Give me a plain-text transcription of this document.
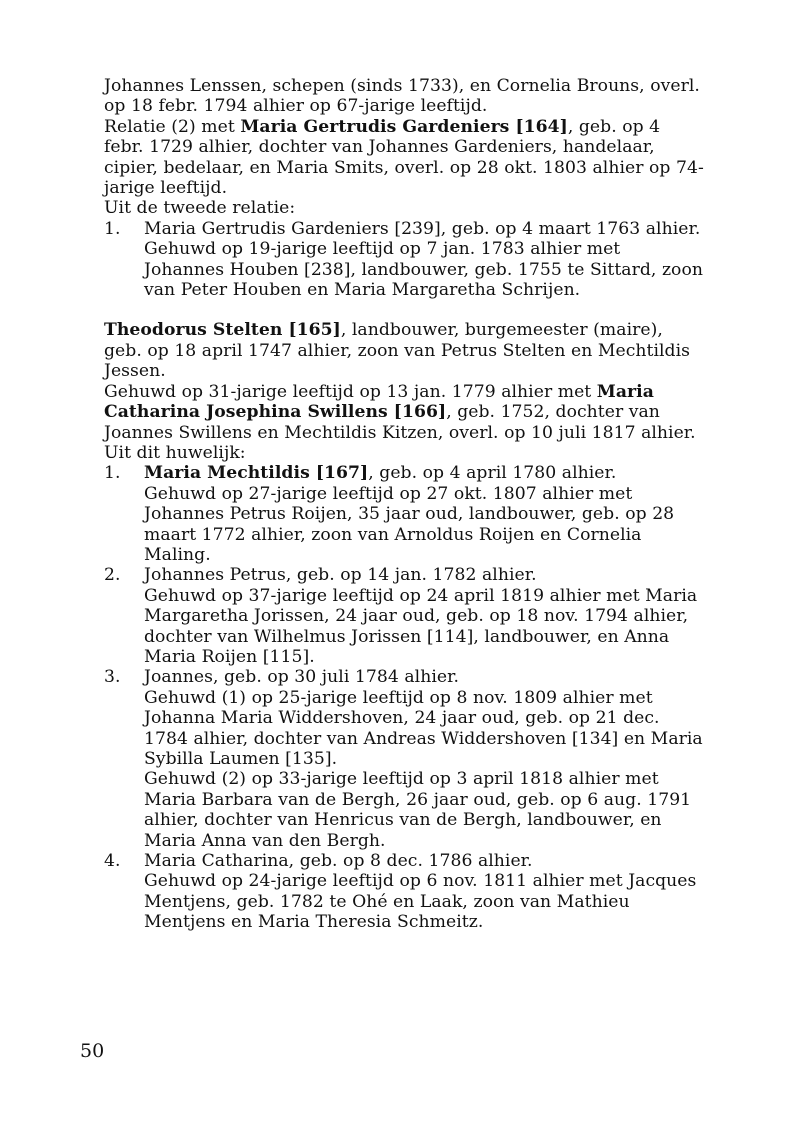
Johannes Lenssen, schepen (sinds 1733), en Cornelia Brouns, overl. op 18 febr. 1794 alhier op 67-jarige leeftijd.

Relatie (2) met Maria Gertrudis Gardeniers [164], geb. op 4 febr. 1729 alhier, dochter van Johannes Gardeniers, handelaar, cipier, bedelaar, en Maria Smits, overl. op 28 okt. 1803 alhier op 74-jarige leeftijd.

Uit de tweede relatie:

1.	Maria Gertrudis Gardeniers [239], geb. op 4 maart 1763 alhier.

Gehuwd op 19-jarige leeftijd op 7 jan. 1783 alhier met Johannes Houben [238], landbouwer, geb. 1755 te Sittard, zoon van Peter Houben en Maria Margaretha Schrijen.

Theodorus Stelten [165], landbouwer, burgemeester (maire), geb. op 18 april 1747 alhier, zoon van Petrus Stelten en Mechtildis Jessen.

Gehuwd op 31-jarige leeftijd op 13 jan. 1779 alhier met Maria Catharina Josephina Swillens [166], geb. 1752, dochter van Joannes Swillens en Mechtildis Kitzen, overl. op 10 juli 1817 alhier.

Uit dit huwelijk:

1.	Maria Mechtildis [167], geb. op 4 april 1780 alhier.

Gehuwd op 27-jarige leeftijd op 27 okt. 1807 alhier met Johannes Petrus Roijen, 35 jaar oud, landbouwer, geb. op 28 maart 1772 alhier, zoon van Arnoldus Roijen en Cornelia Maling.

2.	Johannes Petrus, geb. op 14 jan. 1782 alhier.

Gehuwd op 37-jarige leeftijd op 24 april 1819 alhier met Maria Margaretha Jorissen, 24 jaar oud, geb. op 18 nov. 1794 alhier, dochter van Wilhelmus Jorissen [114], landbouwer, en Anna Maria Roijen [115].

3.	Joannes, geb. op 30 juli 1784 alhier.

Gehuwd (1) op 25-jarige leeftijd op 8 nov. 1809 alhier met Johanna Maria Widdershoven, 24 jaar oud, geb. op 21 dec. 1784 alhier, dochter van Andreas Widdershoven [134] en Maria Sybilla Laumen [135].

Gehuwd (2) op 33-jarige leeftijd op 3 april 1818 alhier met Maria Barbara van de Bergh, 26 jaar oud, geb. op 6 aug. 1791 alhier, dochter van Henricus van de Bergh, landbouwer, en Maria Anna van den Bergh.

4.	Maria Catharina, geb. op 8 dec. 1786 alhier.

Gehuwd op 24-jarige leeftijd op 6 nov. 1811 alhier met Jacques Mentjens, geb. 1782 te Ohé en Laak, zoon van Mathieu Mentjens en Maria Theresia Schmeitz.

50
